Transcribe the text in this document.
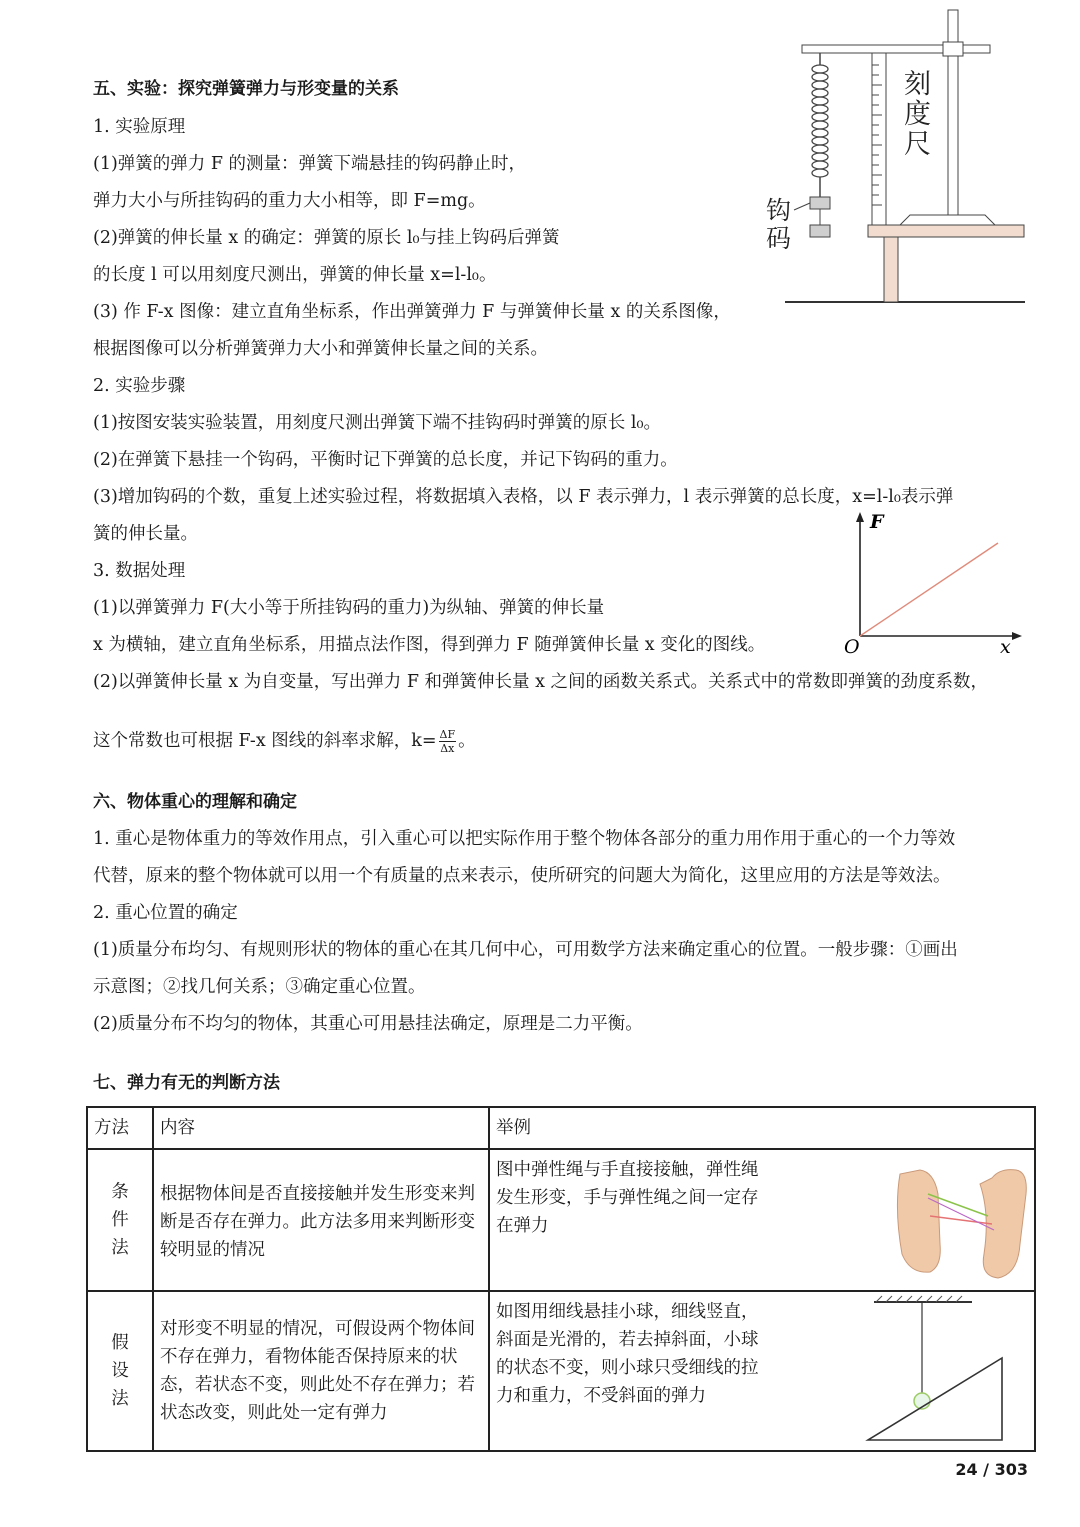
五、实验：探究弹簧弹力与形变量的关系
1. 实验原理
(1)弹簧的弹力 F 的测量：弹簧下端悬挂的钩码静止时，
弹力大小与所挂钩码的重力大小相等，即 F=mg。
(2)弹簧的伸长量 x 的确定：弹簧的原长 l₀与挂上钩码后弹簧
的长度 l 可以用刻度尺测出，弹簧的伸长量 x=l-l₀。
(3) 作 F-x 图像：建立直角坐标系，作出弹簧弹力 F 与弹簧伸长量 x 的关系图像，
根据图像可以分析弹簧弹力大小和弹簧伸长量之间的关系。
2. 实验步骤
(1)按图安装实验装置，用刻度尺测出弹簧下端不挂钩码时弹簧的原长 l₀。
(2)在弹簧下悬挂一个钩码，平衡时记下弹簧的总长度，并记下钩码的重力。
(3)增加钩码的个数，重复上述实验过程，将数据填入表格，以 F 表示弹力，l 表示弹簧的总长度，x=l-l₀表示弹
簧的伸长量。
3. 数据处理
(1)以弹簧弹力 F(大小等于所挂钩码的重力)为纵轴、弹簧的伸长量
x 为横轴，建立直角坐标系，用描点法作图，得到弹力 F 随弹簧伸长量 x 变化的图线。
(2)以弹簧伸长量 x 为自变量，写出弹力 F 和弹簧伸长量 x 之间的函数关系式。关系式中的常数即弹簧的劲度系数，
这个常数也可根据 F-x 图线的斜率求解，$k= \frac{\Delta F}{\Delta x}$ 。
刻度尺
钩码
F
x
O
六、物体重心的理解和确定
1. 重心是物体重力的等效作用点，引入重心可以把实际作用于整个物体各部分的重力用作用于重心的一个力等效
代替，原来的整个物体就可以用一个有质量的点来表示，使所研究的问题大为简化，这里应用的方法是等效法。
2. 重心位置的确定
(1)质量分布均匀、有规则形状的物体的重心在其几何中心，可用数学方法来确定重心的位置。一般步骤：①画出
示意图；②找几何关系；③确定重心位置。
(2)质量分布不均匀的物体，其重心可用悬挂法确定，原理是二力平衡。
七、弹力有无的判断方法
方法	内容	举例
条
件
法	根据物体间是否直接接触并发生形变来判断是否存在弹力。此方法多用来判断形变较明显的情况	图中弹性绳与手直接接触，弹性绳发生形变，手与弹性绳之间一定存在弹力

假
设
法	对形变不明显的情况，可假设两个物体间不存在弹力，看物体能否保持原来的状态，若状态不变，则此处不存在弹力；若状态改变，则此处一定有弹力	如图用细线悬挂小球，细线竖直， 斜面是光滑的，若去掉斜面，小球的状态不变，则小球只受细线的拉力和重力，不受斜面的弹力
24 / 303
